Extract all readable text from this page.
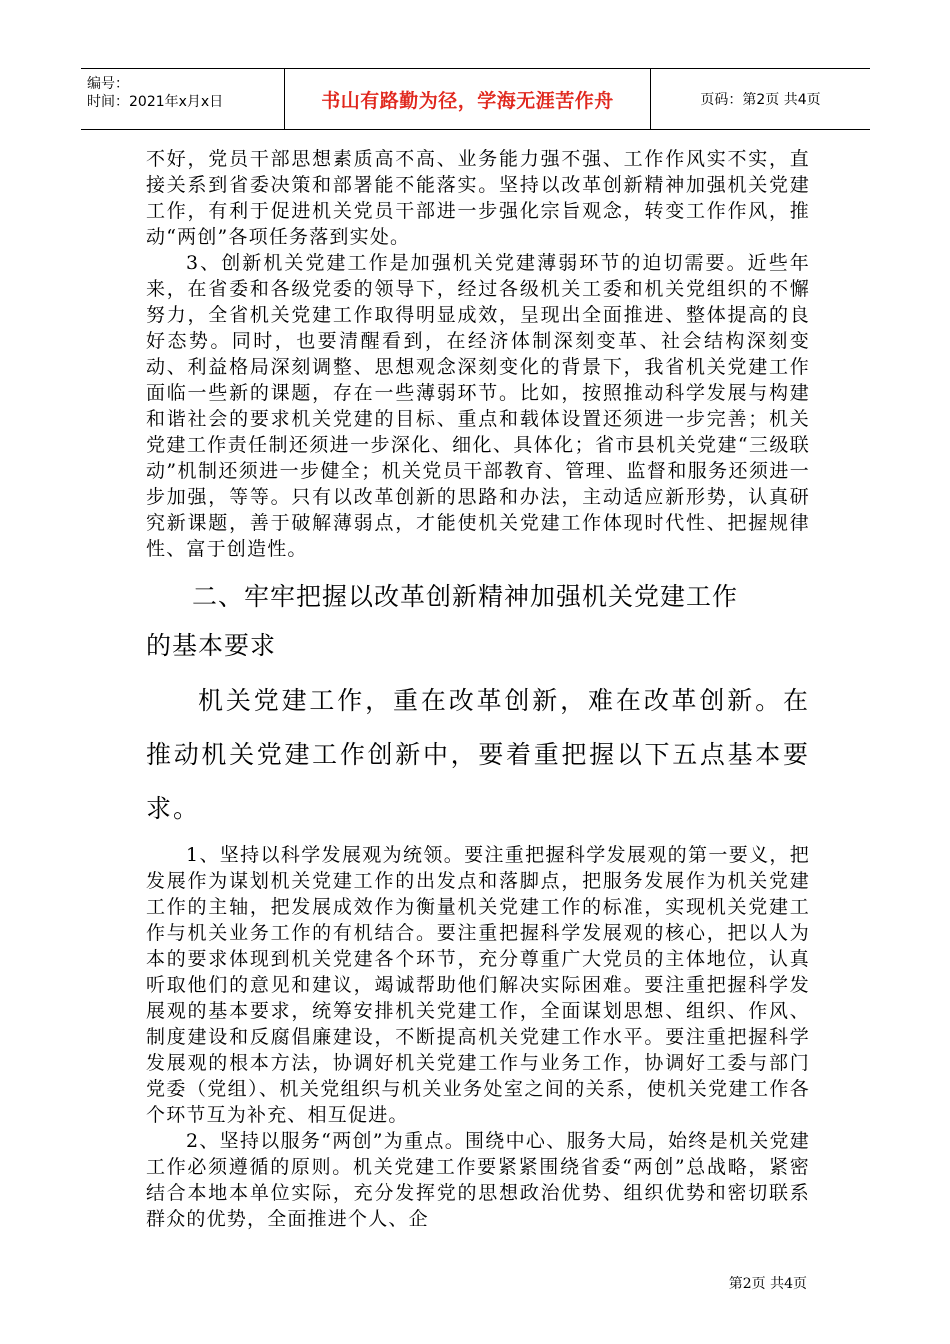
编号：
时间：2021年x月x日	书山有路勤为径，学海无涯苦作舟	页码：第2页 共4页

不好，党员干部思想素质高不高、业务能力强不强、工作作风实不实，直接关系到省委决策和部署能不能落实。坚持以改革创新精神加强机关党建工作，有利于促进机关党员干部进一步强化宗旨观念，转变工作作风，推动“两创”各项任务落到实处。

3、创新机关党建工作是加强机关党建薄弱环节的迫切需要。近些年来，在省委和各级党委的领导下，经过各级机关工委和机关党组织的不懈努力，全省机关党建工作取得明显成效，呈现出全面推进、整体提高的良好态势。同时，也要清醒看到，在经济体制深刻变革、社会结构深刻变动、利益格局深刻调整、思想观念深刻变化的背景下，我省机关党建工作面临一些新的课题，存在一些薄弱环节。比如，按照推动科学发展与构建和谐社会的要求机关党建的目标、重点和载体设置还须进一步完善；机关党建工作责任制还须进一步深化、细化、具体化；省市县机关党建“三级联动”机制还须进一步健全；机关党员干部教育、管理、监督和服务还须进一步加强，等等。只有以改革创新的思路和办法，主动适应新形势，认真研究新课题，善于破解薄弱点，才能使机关党建工作体现时代性、把握规律性、富于创造性。

二、牢牢把握以改革创新精神加强机关党建工作
的基本要求

机关党建工作，重在改革创新，难在改革创新。在推动机关党建工作创新中，要着重把握以下五点基本要求。

1、坚持以科学发展观为统领。要注重把握科学发展观的第一要义，把发展作为谋划机关党建工作的出发点和落脚点，把服务发展作为机关党建工作的主轴，把发展成效作为衡量机关党建工作的标准，实现机关党建工作与机关业务工作的有机结合。要注重把握科学发展观的核心，把以人为本的要求体现到机关党建各个环节，充分尊重广大党员的主体地位，认真听取他们的意见和建议，竭诚帮助他们解决实际困难。要注重把握科学发展观的基本要求，统筹安排机关党建工作，全面谋划思想、组织、作风、制度建设和反腐倡廉建设，不断提高机关党建工作水平。要注重把握科学发展观的根本方法，协调好机关党建工作与业务工作，协调好工委与部门党委（党组）、机关党组织与机关业务处室之间的关系，使机关党建工作各个环节互为补充、相互促进。

2、坚持以服务“两创”为重点。围绕中心、服务大局，始终是机关党建工作必须遵循的原则。机关党建工作要紧紧围绕省委“两创”总战略，紧密结合本地本单位实际，充分发挥党的思想政治优势、组织优势和密切联系群众的优势，全面推进个人、企

第2页 共4页
